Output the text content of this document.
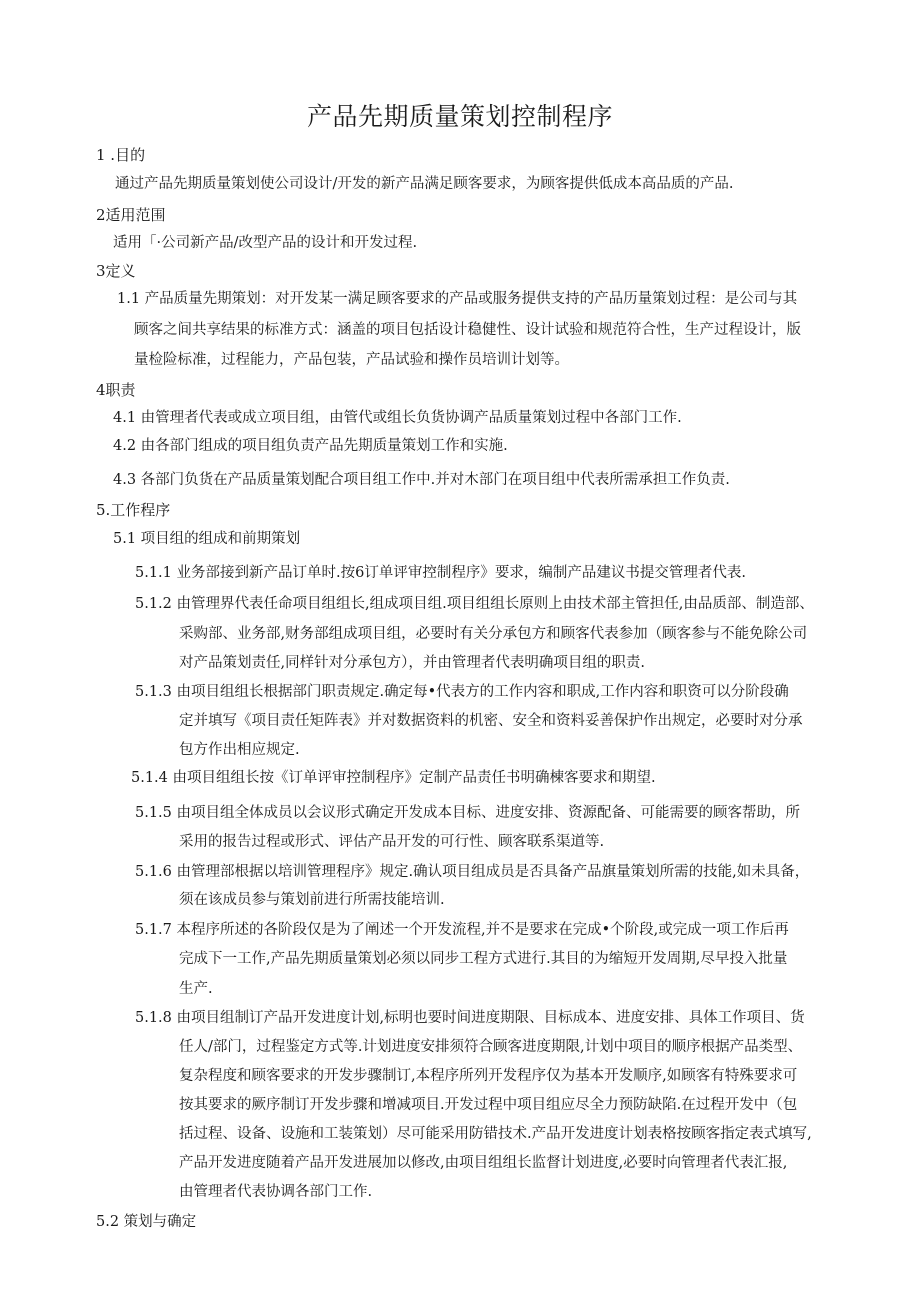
产品先期质量策划控制程序
1 .目的
通过产品先期质量策划使公司设计/开发的新产品满足顾客要求，为顾客提供低成本高品质的产品.
2适用范围
适用「·公司新产品/改型产品的设计和开发过程.
3定义
1.1 产品质量先期策划：对开发某一满足顾客要求的产品或服务提供支持的产品历量策划过程：是公司与其
顾客之间共享结果的标准方式：涵盖的项目包括设计稳健性、设计试验和规范符合性，生产过程设计，版
量检险标准，过程能力，产品包装，产品试验和操作员培训计划等。
4职责
4.1 由管理者代表或成立项目组，由管代或组长负货协调产品质量策划过程中各部门工作.
4.2 由各部门组成的项目组负责产品先期质量策划工作和实施.
4.3 各部门负货在产品质量策划配合项目组工作中.并对木部门在项目组中代表所需承担工作负责.
5.工作程序
5.1 项目组的组成和前期策划
5.1.1 业务部接到新产品订单时.按6订单评审控制程序》要求，编制产品建议书提交管理者代表.
5.1.2 由管理界代表任命项目组组长,组成项目组.项目组组长原则上由技术部主管担任,由品质部、制造部、
采购部、业务部,财务部组成项目组，必要时有关分承包方和顾客代表参加（顾客参与不能免除公司
对产品策划责任,同样针对分承包方），并由管理者代表明确项目组的职责.
5.1.3 由项目组组长根据部门职责规定.确定每•代表方的工作内容和职成,工作内容和职资可以分阶段确
定并填写《项目责任矩阵表》并对数据资料的机密、安全和资料妥善保护作出规定，必要时对分承
包方作出相应规定.
5.1.4 由项目组组长按《订单评审控制程序》定制产品责任书明确棟客要求和期望.
5.1.5 由项目组全体成员以会议形式确定开发成本目标、进度安排、资源配备、可能需要的顾客帮助，所
采用的报告过程或形式、评估产品开发的可行性、顾客联系渠道等.
5.1.6 由管理部根据以培训管理程序》规定.确认项目组成员是否具备产品旗量策划所需的技能,如未具备，
须在该成员参与策划前进行所需技能培训.
5.1.7 本程序所述的各阶段仅是为了阐述一个开发流程,并不是要求在完成•个阶段,或完成一项工作后再
完成下一工作,产品先期质量策划必须以同步工程方式进行.其目的为缩短开发周期,尽早投入批量
生产.
5.1.8 由项目组制订产品开发进度计划,标明也要时间进度期限、目标成本、进度安排、具体工作项目、货
任人/部门，过程鉴定方式等.计划进度安排须符合顾客进度期限,计划中项目的顺序根据产品类型、
复杂程度和顾客要求的开发步骤制订,本程序所列开发程序仅为基本开发顺序,如顾客有特殊要求可
按其要求的厥序制订开发步骤和增减项目.开发过程中项目组应尽全力预防缺陷.在过程开发中（包
括过程、设备、设施和工装策划）尽可能采用防错技术.产品开发进度计划表格按顾客指定表式填写,
产品开发进度随着产品开发进展加以修改,由项目组组长监督计划进度,必要时向管理者代表汇报,
由管理者代表协调各部门工作.
5.2 策划与确定
